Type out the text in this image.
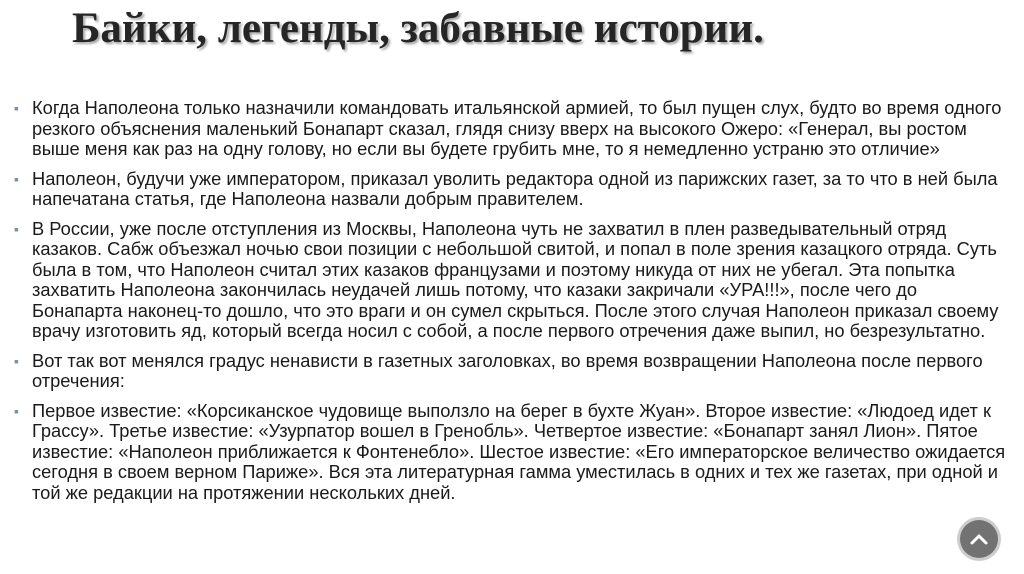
Байки, легенды, забавные истории.
▪ Когда Наполеона только назначили командовать итальянской армией, то был пущен слух, будто во время одного резкого объяснения маленький Бонапарт сказал, глядя снизу вверх на высокого Ожеро: «Генерал, вы ростом выше меня как раз на одну голову, но если вы будете грубить мне, то я немедленно устраню это отличие»
▪ Наполеон, будучи уже императором, приказал уволить редактора одной из парижских газет, за то что в ней была напечатана статья, где Наполеона назвали добрым правителем.
▪ В России, уже после отступления из Москвы, Наполеона чуть не захватил в плен разведывательный отряд казаков. Сабж объезжал ночью свои позиции с небольшой свитой, и попал в поле зрения казацкого отряда. Суть была в том, что Наполеон считал этих казаков французами и поэтому никуда от них не убегал. Эта попытка захватить Наполеона закончилась неудачей лишь потому, что казаки закричали «УРА!!!», после чего до Бонапарта наконец-то дошло, что это враги и он сумел скрыться. После этого случая Наполеон приказал своему врачу изготовить яд, который всегда носил с собой, а после первого отречения даже выпил, но безрезультатно.
▪ Вот так вот менялся градус ненависти в газетных заголовках, во время возвращении Наполеона после первого отречения:
▪ Первое известие: «Корсиканское чудовище выползло на берег в бухте Жуан». Второе известие: «Людоед идет к Грассу». Третье известие: «Узурпатор вошел в Гренобль». Четвертое известие: «Бонапарт занял Лион». Пятое известие: «Наполеон приближается к Фонтенебло». Шестое известие: «Его императорское величество ожидается сегодня в своем верном Париже». Вся эта литературная гамма уместилась в одних и тех же газетах, при одной и той же редакции на протяжении нескольких дней.
